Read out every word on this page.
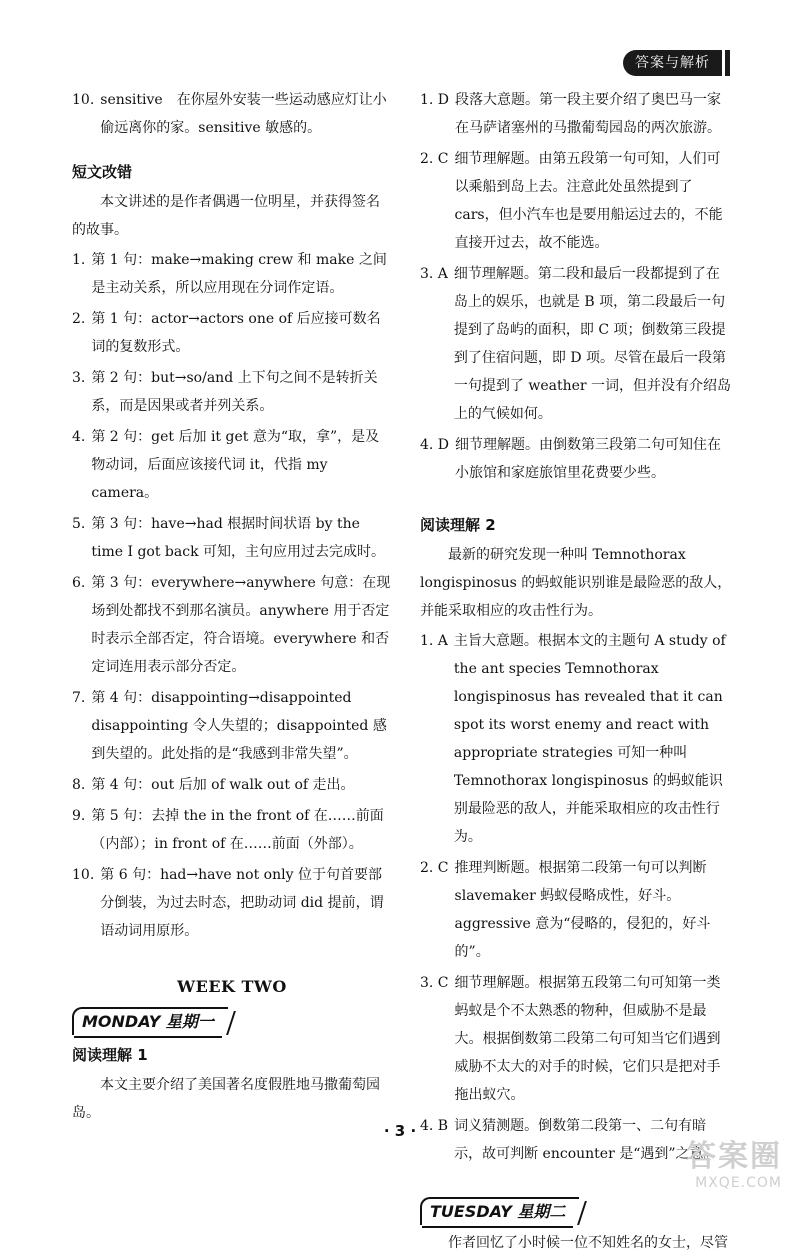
答案与解析
10. sensitive　在你屋外安装一些运动感应灯让小偷远离你的家。sensitive 敏感的。
短文改错

本文讲述的是作者偶遇一位明星，并获得签名的故事。

1. 第 1 句：make→making crew 和 make 之间是主动关系，所以应用现在分词作定语。
2. 第 1 句：actor→actors one of 后应接可数名词的复数形式。
3. 第 2 句：but→so/and 上下句之间不是转折关系，而是因果或者并列关系。
4. 第 2 句：get 后加 it get 意为“取，拿”，是及物动词，后面应该接代词 it，代指 my camera。
5. 第 3 句：have→had 根据时间状语 by the time I got back 可知，主句应用过去完成时。
6. 第 3 句：everywhere→anywhere 句意：在现场到处都找不到那名演员。anywhere 用于否定时表示全部否定，符合语境。everywhere 和否定词连用表示部分否定。
7. 第 4 句：disappointing→disappointed disappointing 令人失望的；disappointed 感到失望的。此处指的是“我感到非常失望”。
8. 第 4 句：out 后加 of walk out of 走出。
9. 第 5 句：去掉 the in the front of 在……前面（内部）；in front of 在……前面（外部）。
10. 第 6 句：had→have not only 位于句首要部分倒装，为过去时态，把助动词 did 提前，谓语动词用原形。
WEEK TWO
MONDAY 星期一
阅读理解 1

本文主要介绍了美国著名度假胜地马撒葡萄园岛。

1. D 段落大意题。第一段主要介绍了奥巴马一家在马萨诸塞州的马撒葡萄园岛的两次旅游。
2. C 细节理解题。由第五段第一句可知，人们可以乘船到岛上去。注意此处虽然提到了 cars，但小汽车也是要用船运过去的，不能直接开过去，故不能选。
3. A 细节理解题。第二段和最后一段都提到了在岛上的娱乐，也就是 B 项，第二段最后一句提到了岛屿的面积，即 C 项；倒数第三段提到了住宿问题，即 D 项。尽管在最后一段第一句提到了 weather 一词，但并没有介绍岛上的气候如何。
4. D 细节理解题。由倒数第三段第二句可知住在小旅馆和家庭旅馆里花费要少些。
阅读理解 2

最新的研究发现一种叫 Temnothorax longispinosus 的蚂蚁能识别谁是最险恶的敌人，并能采取相应的攻击性行为。

1. A 主旨大意题。根据本文的主题句 A study of the ant species Temnothorax longispinosus has revealed that it can spot its worst enemy and react with appropriate strategies 可知一种叫 Temnothorax longispinosus 的蚂蚁能识别最险恶的敌人，并能采取相应的攻击性行为。
2. C 推理判断题。根据第二段第一句可以判断 slavemaker 蚂蚁侵略成性，好斗。aggressive 意为“侵略的，侵犯的，好斗的”。
3. C 细节理解题。根据第五段第二句可知第一类蚂蚁是个不太熟悉的物种，但威胁不是最大。根据倒数第二段第二句可知当它们遇到威胁不太大的对手的时候，它们只是把对手拖出蚁穴。
4. B 词义猜测题。倒数第二段第一、二句有暗示，故可判断 encounter 是“遇到”之意。
TUESDAY 星期二

作者回忆了小时候一位不知姓名的女士，尽管

· 3 ·
答案圈
MXQE.COM
